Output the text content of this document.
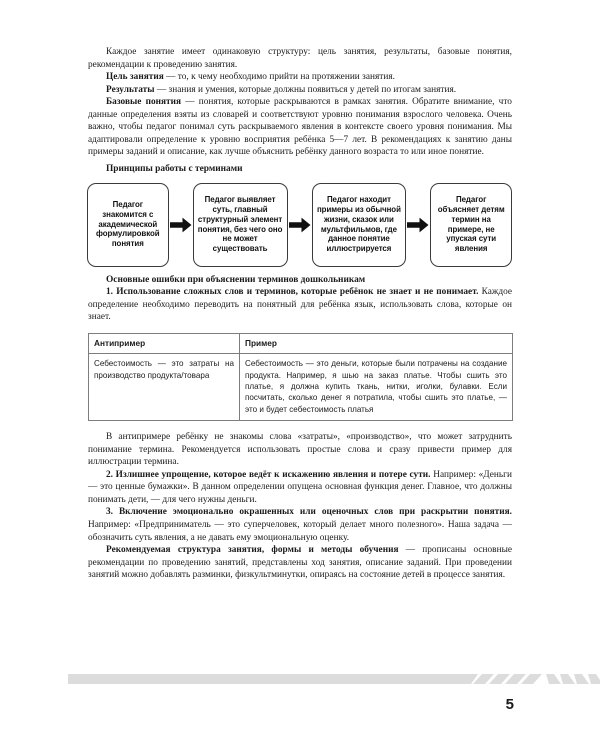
Каждое занятие имеет одинаковую структуру: цель занятия, результаты, базовые понятия, рекомендации к проведению занятия.

Цель занятия — то, к чему необходимо прийти на протяжении занятия.

Результаты — знания и умения, которые должны появиться у детей по итогам занятия.

Базовые понятия — понятия, которые раскрываются в рамках занятия. Обратите внимание, что данные определения взяты из словарей и соответствуют уровню понимания взрослого человека. Очень важно, чтобы педагог понимал суть раскрываемого явления в контексте своего уровня понимания. Мы адаптировали определение к уровню восприятия ребёнка 5—7 лет. В рекомендациях к занятию даны примеры заданий и описание, как лучше объяснить ребёнку данного возраста то или иное понятие.

Принципы работы с терминами
Педагог знакомится с академической формулировкой понятия
Педагог выявляет суть, главный структурный элемент понятия, без чего оно не может существовать
Педагог находит примеры из обычной жизни, сказок или мультфильмов, где данное понятие иллюстрируется
Педагог объясняет детям термин на примере, не упуская сути явления
Основные ошибки при объяснении терминов дошкольникам

1. Использование сложных слов и терминов, которые ребёнок не знает и не понимает. Каждое определение необходимо переводить на понятный для ребёнка язык, использовать слова, которые он знает.

Антипример	Пример
Себестоимость — это затраты на производство продукта/товара	Себестоимость — это деньги, которые были потрачены на создание продукта. Например, я шью на заказ платье. Чтобы сшить это платье, я должна купить ткань, нитки, иголки, булавки. Если посчитать, сколько денег я потратила, чтобы сшить это платье, — это и будет себестоимость платья

В антипримере ребёнку не знакомы слова «затраты», «производство», что может затруднить понимание термина. Рекомендуется использовать простые слова и сразу привести пример для иллюстрации термина.

2. Излишнее упрощение, которое ведёт к искажению явления и потере сути. Например: «Деньги — это ценные бумажки». В данном определении опущена основная функция денег. Главное, что должны понимать дети, — для чего нужны деньги.

3. Включение эмоционально окрашенных или оценочных слов при раскрытии понятия. Например: «Предприниматель — это суперчеловек, который делает много полезного». Наша задача — обозначить суть явления, а не давать ему эмоциональную оценку.

Рекомендуемая структура занятия, формы и методы обучения — прописаны основные рекомендации по проведению занятий, представлены ход занятия, описание заданий. При проведении занятий можно добавлять разминки, физкультминутки, опираясь на состояние детей в процессе занятия.

5
